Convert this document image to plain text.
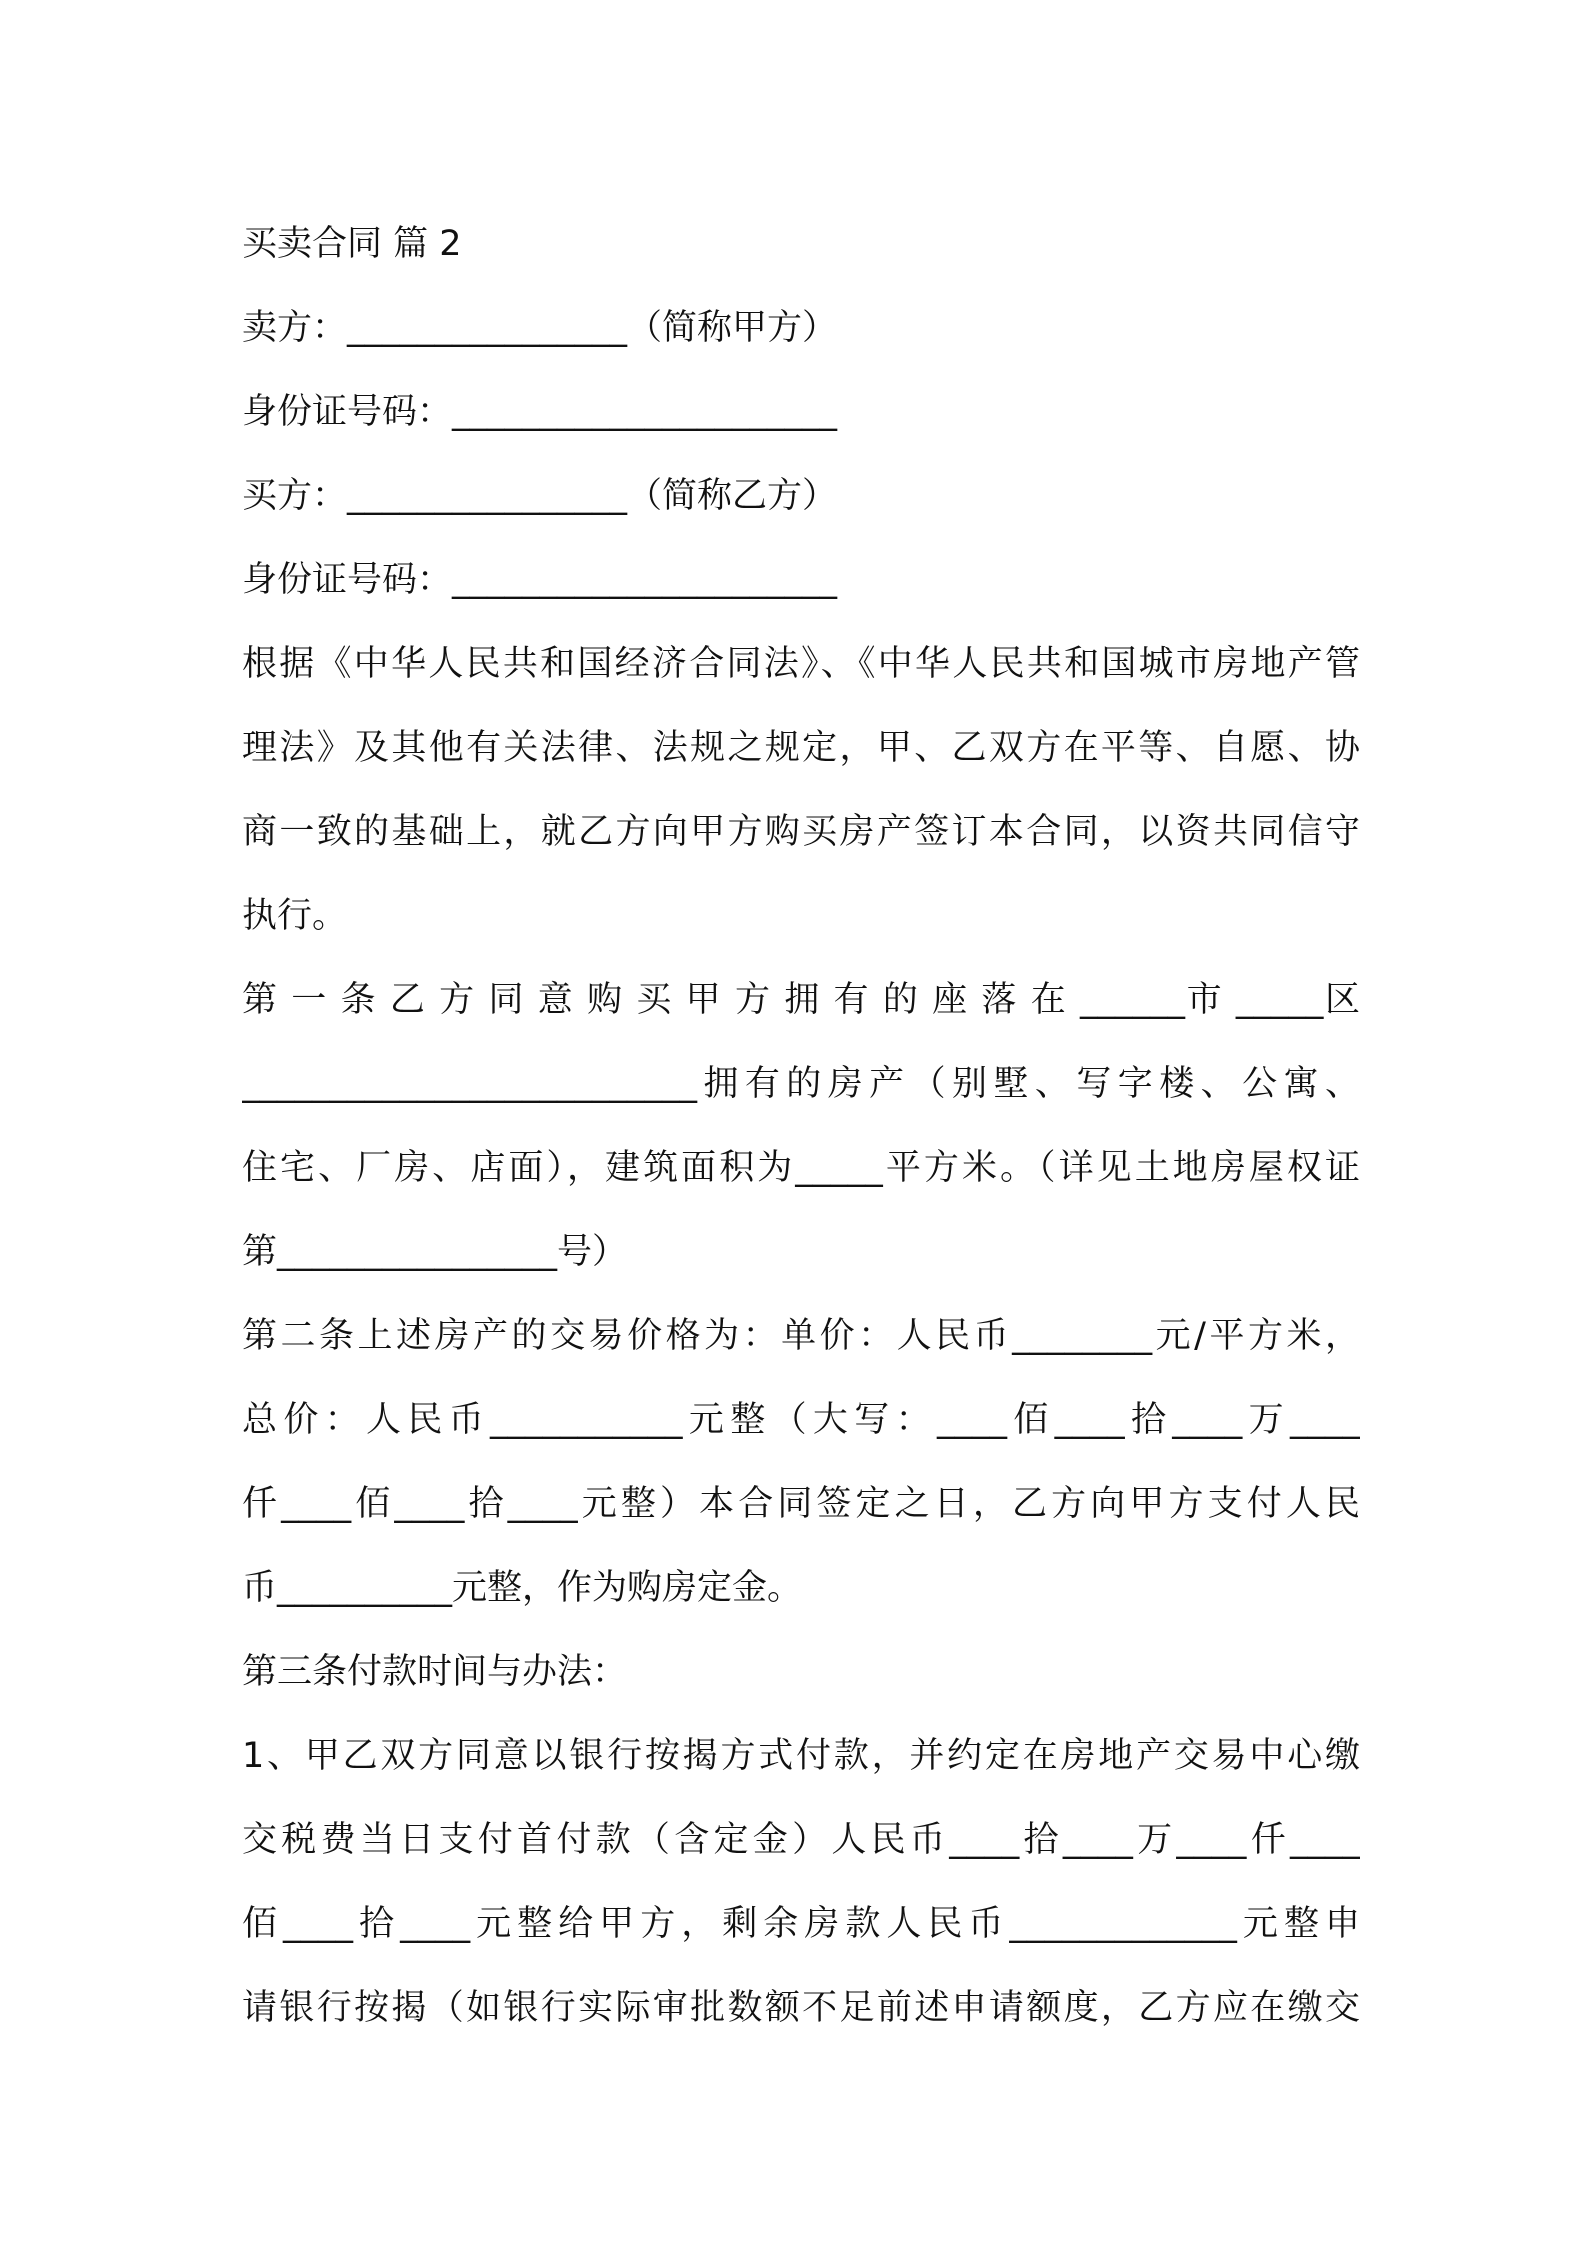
买卖合同 篇 2
卖方：________________（简称甲方）
身份证号码：______________________
买方：________________（简称乙方）
身份证号码：______________________
根据《中华人民共和国经济合同法》、《中华人民共和国城市房地产管
理法》及其他有关法律、法规之规定，甲、乙双方在平等、自愿、协
商一致的基础上，就乙方向甲方购买房产签订本合同，以资共同信守
执行。
第 一 条 乙 方 同 意 购 买 甲 方 拥 有 的 座 落 在 ______市 _____区
__________________________拥有的房产（别墅、写字楼、公寓、
住宅、厂房、店面），建筑面积为_____平方米。（详见土地房屋权证
第________________号）
第二条上述房产的交易价格为：单价：人民币________元/平方米，
总价：人民币___________元整（大写：____佰____拾____万____
仟____佰____拾____元整）本合同签定之日，乙方向甲方支付人民
币__________元整，作为购房定金。
第三条付款时间与办法：
1、甲乙双方同意以银行按揭方式付款，并约定在房地产交易中心缴
交税费当日支付首付款（含定金）人民币____拾____万____仟____
佰____拾____元整给甲方，剩余房款人民币_____________元整申
请银行按揭（如银行实际审批数额不足前述申请额度，乙方应在缴交
